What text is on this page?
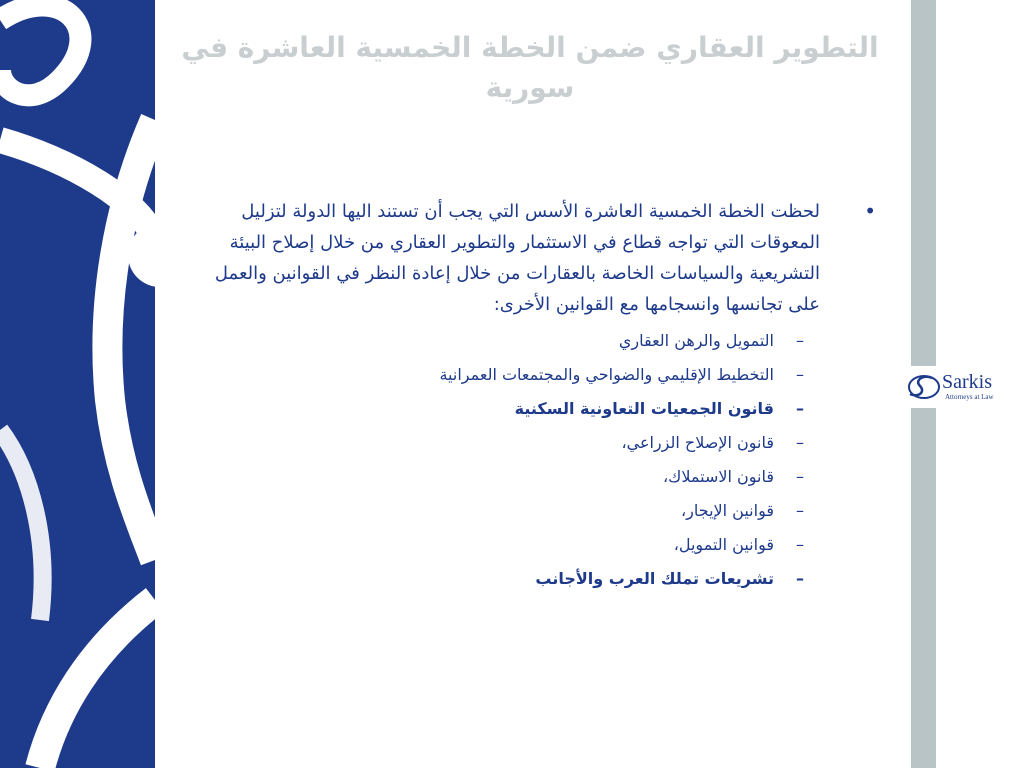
Sarkis
Attorneys at Law
التطوير العقاري ضمن الخطة الخمسية العاشرة في سورية
•
لحظت الخطة الخمسية العاشرة الأسس التي يجب أن تستند اليها الدولة لتزليل المعوقات التي تواجه قطاع في الاستثمار والتطوير العقاري من خلال إصلاح البيئة التشريعية والسياسات الخاصة بالعقارات من خلال إعادة النظر في القوانين والعمل على تجانسها وانسجامها مع القوانين الأخرى:
–
التمويل والرهن العقاري
–
التخطيط الإقليمي والضواحي والمجتمعات العمرانية
–
قانون الجمعيات التعاونية السكنية
–
قانون الإصلاح الزراعي،
–
قانون الاستملاك،
–
قوانين الإيجار،
–
قوانين التمويل،
–
تشريعات تملك العرب والأجانب
